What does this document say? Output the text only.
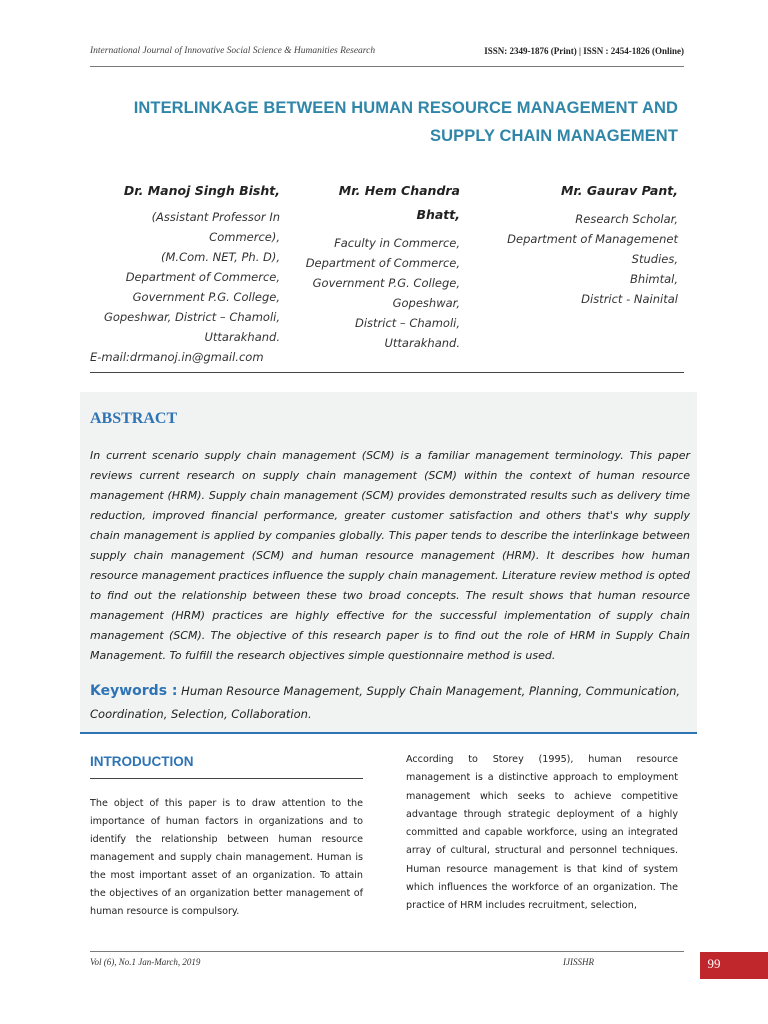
International Journal of Innovative Social Science & Humanities Research	ISSN: 2349-1876 (Print) | ISSN : 2454-1826 (Online)
INTERLINKAGE BETWEEN HUMAN RESOURCE MANAGEMENT AND
SUPPLY CHAIN MANAGEMENT
Dr. Manoj Singh Bisht,
(Assistant Professor In
Commerce),
(M.Com. NET, Ph. D),
Department of Commerce,
Government P.G. College,
Gopeshwar, District – Chamoli,
Uttarakhand.
E-mail:drmanoj.in@gmail.com
Mr. Hem Chandra
Bhatt,
Faculty in Commerce,
Department of Commerce,
Government P.G. College,
Gopeshwar,
District – Chamoli,
Uttarakhand.
Mr. Gaurav Pant,
Research Scholar,
Department of Managemenet
Studies,
Bhimtal,
District - Nainital
ABSTRACT
In current scenario supply chain management (SCM) is a familiar management terminology. This paper reviews current research on supply chain management (SCM) within the context of human resource management (HRM). Supply chain management (SCM) provides demonstrated results such as delivery time reduction, improved financial performance, greater customer satisfaction and others that's why supply chain management is applied by companies globally. This paper tends to describe the interlinkage between supply chain management (SCM) and human resource management (HRM). It describes how human resource management practices influence the supply chain management. Literature review method is opted to find out the relationship between these two broad concepts. The result shows that human resource management (HRM) practices are highly effective for the successful implementation of supply chain management (SCM). The objective of this research paper is to find out the role of HRM in Supply Chain Management. To fulfill the research objectives simple questionnaire method is used.
Keywords : Human Resource Management, Supply Chain Management, Planning, Communication, Coordination, Selection, Collaboration.
INTRODUCTION
The object of this paper is to draw attention to the importance of human factors in organizations and to identify the relationship between human resource management and supply chain management. Human is the most important asset of an organization. To attain the objectives of an organization better management of human resource is compulsory.
According to Storey (1995), human resource management is a distinctive approach to employment management which seeks to achieve competitive advantage through strategic deployment of a highly committed and capable workforce, using an integrated array of cultural, structural and personnel techniques. Human resource management is that kind of system which influences the workforce of an organization. The practice of HRM includes recruitment, selection,
Vol (6), No.1 Jan-March, 2019	IJISSHR	99
